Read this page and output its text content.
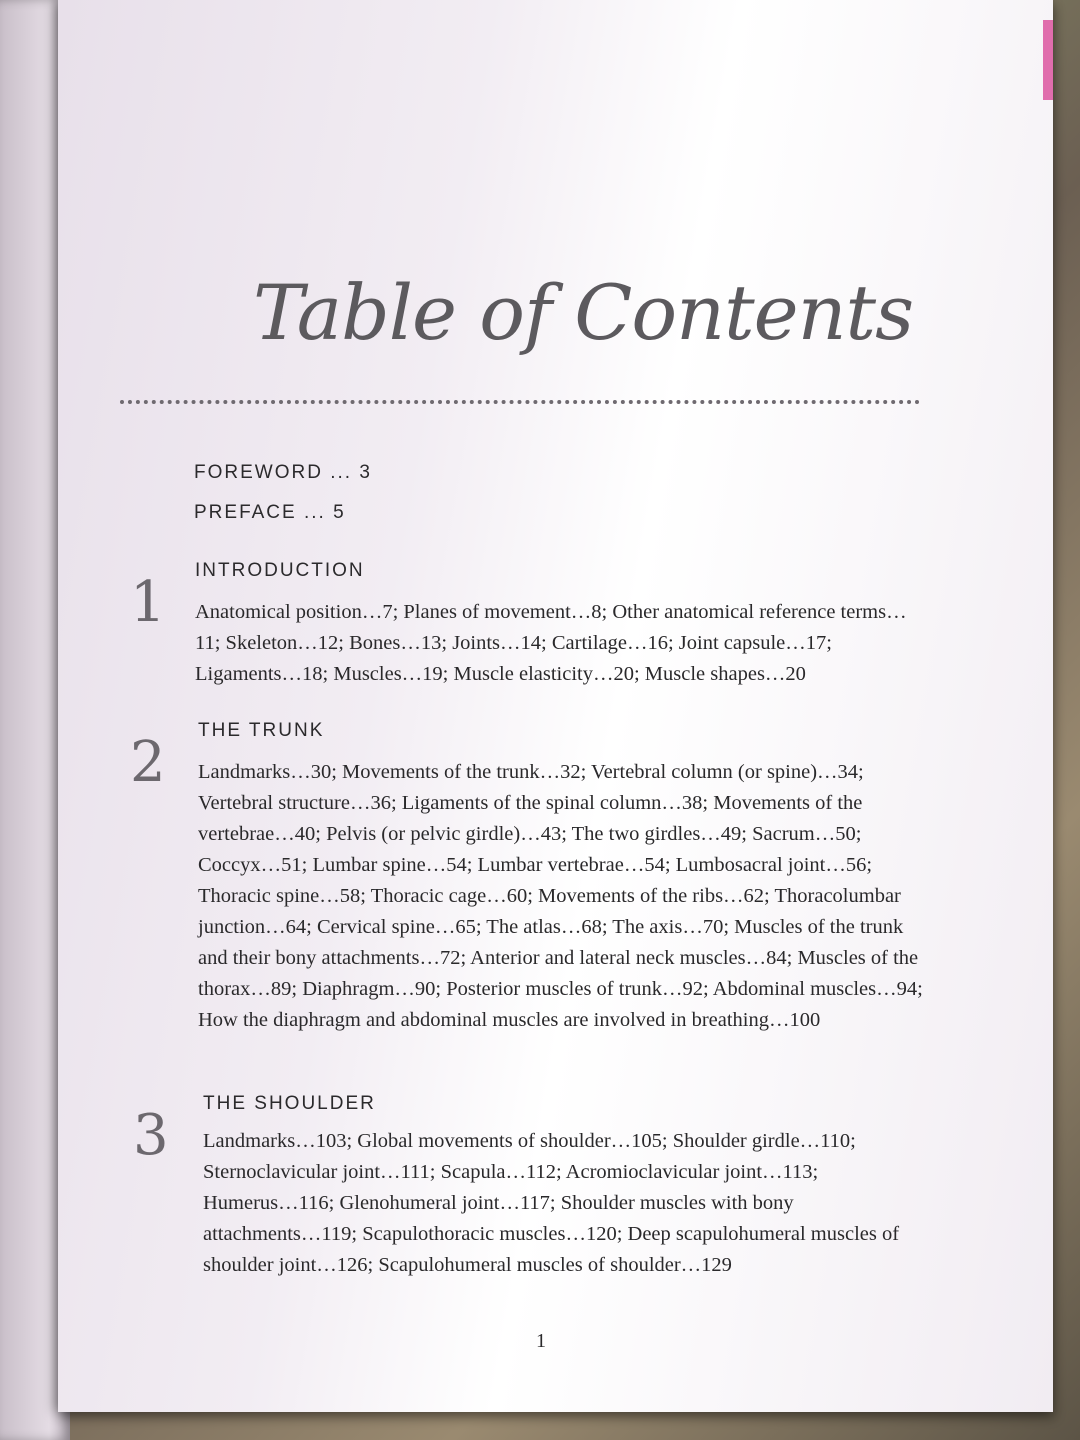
Table of Contents
FOREWORD ... 3
PREFACE ... 5
1 INTRODUCTION
Anatomical position…7; Planes of movement…8; Other anatomical reference terms…11; Skeleton…12; Bones…13; Joints…14; Cartilage…16; Joint capsule…17; Ligaments…18; Muscles…19; Muscle elasticity…20; Muscle shapes…20
2 THE TRUNK
Landmarks…30; Movements of the trunk…32; Vertebral column (or spine)…34; Vertebral structure…36; Ligaments of the spinal column…38; Movements of the vertebrae…40; Pelvis (or pelvic girdle)…43; The two girdles…49; Sacrum…50; Coccyx…51; Lumbar spine…54; Lumbar vertebrae…54; Lumbosacral joint…56; Thoracic spine…58; Thoracic cage…60; Movements of the ribs…62; Thoracolumbar junction…64; Cervical spine…65; The atlas…68; The axis…70; Muscles of the trunk and their bony attachments…72; Anterior and lateral neck muscles…84; Muscles of the thorax…89; Diaphragm…90; Posterior muscles of trunk…92; Abdominal muscles…94; How the diaphragm and abdominal muscles are involved in breathing…100
3 THE SHOULDER
Landmarks…103; Global movements of shoulder…105; Shoulder girdle…110; Sternoclavicular joint…111; Scapula…112; Acromioclavicular joint…113; Humerus…116; Glenohumeral joint…117; Shoulder muscles with bony attachments…119; Scapulothoracic muscles…120; Deep scapulohumeral muscles of shoulder joint…126; Scapulohumeral muscles of shoulder…129
1
